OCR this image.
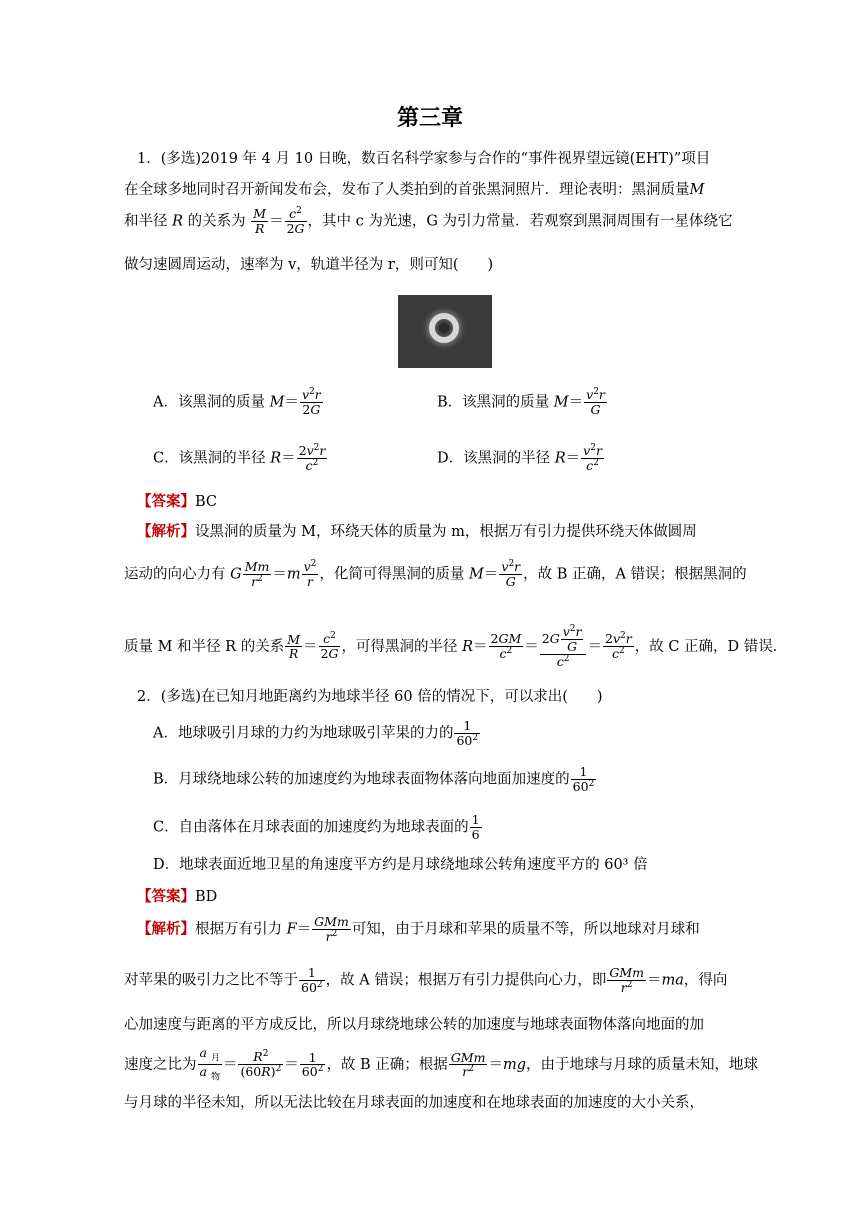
第三章
1．(多选)2019 年 4 月 10 日晚，数百名科学家参与合作的“事件视界望远镜(EHT)”项目
在全球多地同时召开新闻发布会，发布了人类拍到的首张黑洞照片．理论表明：黑洞质量M
和半径 R 的关系为 $\frac{M}{R} = \frac{c^2}{2G}$ ，其中 c 为光速，G 为引力常量．若观察到黑洞周围有一星体绕它
做匀速圆周运动，速率为 v，轨道半径为 r，则可知(　　)
A．该黑洞的质量 $M= \frac{v^2r}{2G}$	B．该黑洞的质量 $M= \frac{v^2r}{G}$
C．该黑洞的半径 $R= \frac{2v^2r}{c^2}$	D．该黑洞的半径 $R= \frac{v^2r}{c^2}$
【答案】BC
【解析】设黑洞的质量为 M，环绕天体的质量为 m，根据万有引力提供环绕天体做圆周
运动的向心力有 G $\frac{Mm}{r^2} =m \frac{v^2}{r}$ ，化简可得黑洞的质量 $M= \frac{v^2r}{G}$ ，故 B 正确，A 错误；根据黑洞的
质量 M 和半径 R 的关系 $\frac{M}{R} = \frac{c^2}{2G}$ ，可得黑洞的半径 $R= \frac{2GM}{c^2} = \frac{2G \frac{v^2r}{G}}{c^2} = \frac{2v^2r}{c^2}$ ，故 C 正确，D 错误．
2．(多选)在已知月地距离约为地球半径 60 倍的情况下，可以求出(　　)
A．地球吸引月球的力约为地球吸引苹果的力的 $\frac{1}{60^2}$
B．月球绕地球公转的加速度约为地球表面物体落向地面加速度的 $\frac{1}{60^2}$
C．自由落体在月球表面的加速度约为地球表面的 $\frac{1}{6}$
D．地球表面近地卫星的角速度平方约是月球绕地球公转角速度平方的 60³ 倍
【答案】BD
【解析】根据万有引力 $F= \frac{\text{GMm}}{r^2}$ 可知，由于月球和苹果的质量不等，所以地球对月球和
对苹果的吸引力之比不等于 $\frac{1}{60^2}$ ，故 A 错误；根据万有引力提供向心力，即 $\frac{\text{GMm}}{r^2} =ma$，得向
心加速度与距离的平方成反比，所以月球绕地球公转的加速度与地球表面物体落向地面的加
速度之比为 $\frac{a _月}{a _物} = \frac{R^2}{(60R)^2} = \frac{1}{60^2}$ ，故 B 正确；根据 $\frac{\text{GMm}}{r^2} =mg$，由于地球与月球的质量未知，地球
与月球的半径未知，所以无法比较在月球表面的加速度和在地球表面的加速度的大小关系，
